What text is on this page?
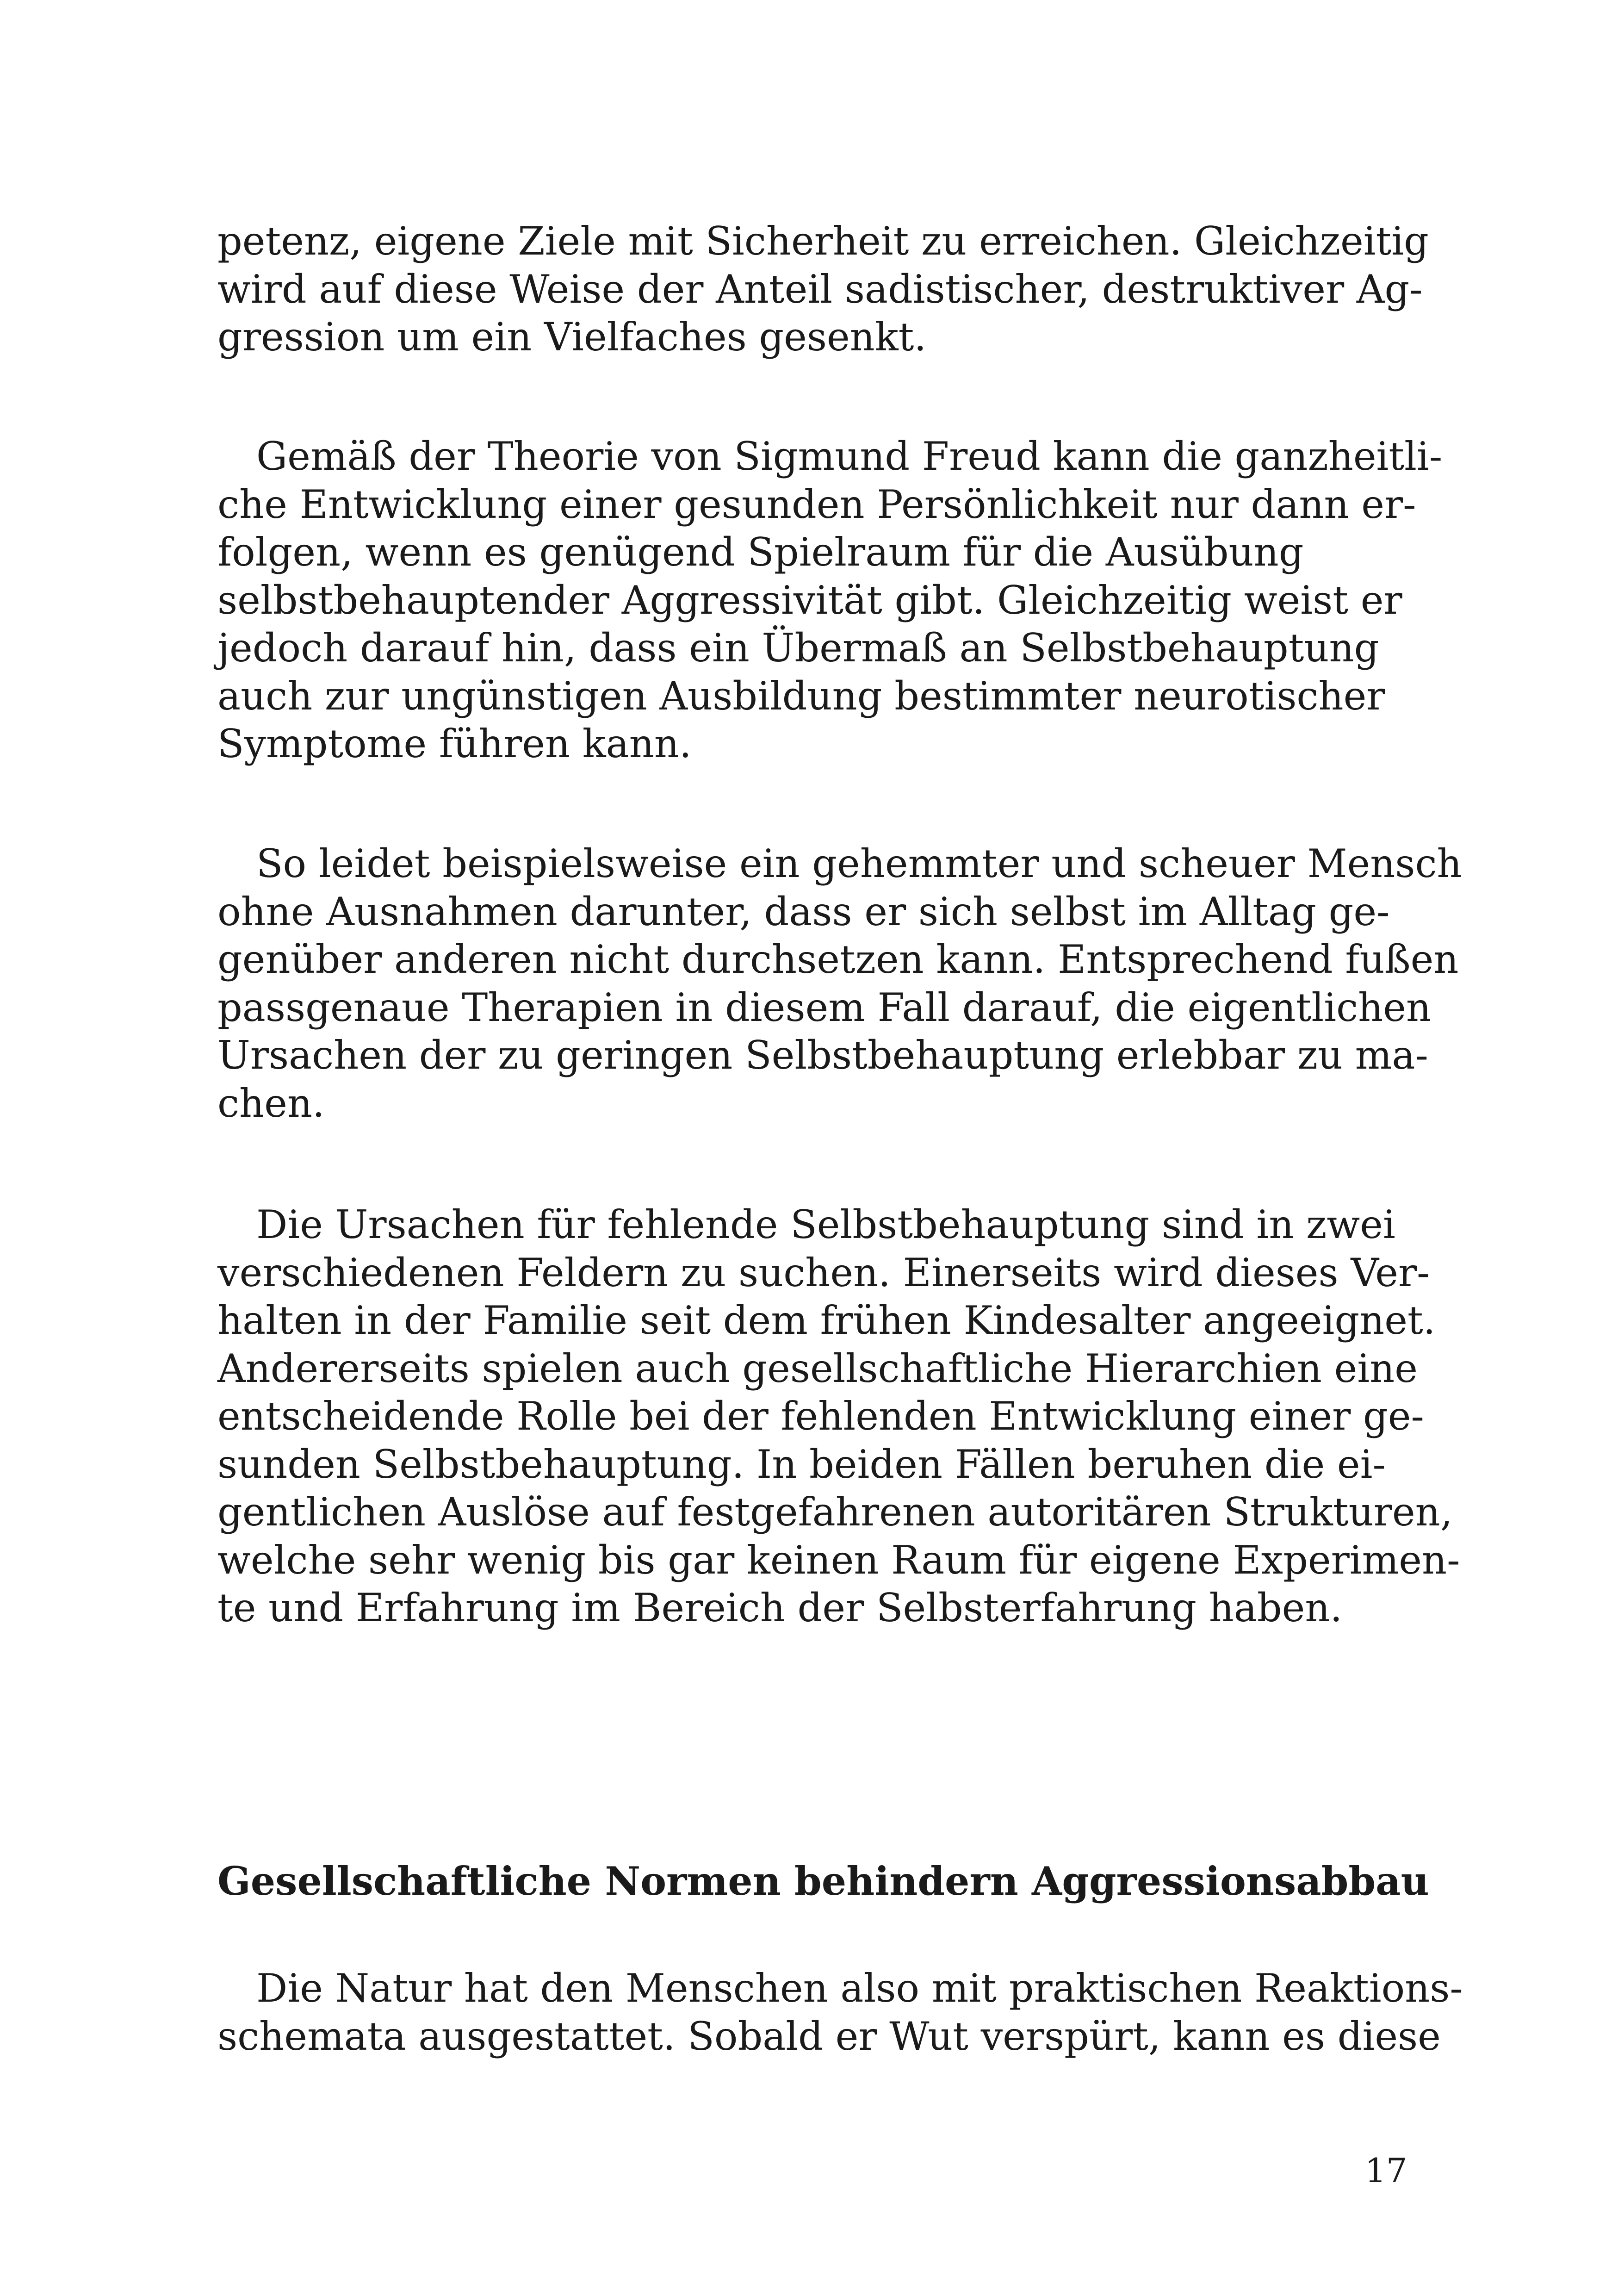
petenz, eigene Ziele mit Sicherheit zu erreichen. Gleichzeitig
wird auf diese Weise der Anteil sadistischer, destruktiver Ag-
gression um ein Vielfaches gesenkt.
 Gemäß der Theorie von Sigmund Freud kann die ganzheitli-
che Entwicklung einer gesunden Persönlichkeit nur dann er-
folgen, wenn es genügend Spielraum für die Ausübung
selbstbehauptender Aggressivität gibt. Gleichzeitig weist er
jedoch darauf hin, dass ein Übermaß an Selbstbehauptung
auch zur ungünstigen Ausbildung bestimmter neurotischer
Symptome führen kann.
 So leidet beispielsweise ein gehemmter und scheuer Mensch
ohne Ausnahmen darunter, dass er sich selbst im Alltag ge-
genüber anderen nicht durchsetzen kann. Entsprechend fußen
passgenaue Therapien in diesem Fall darauf, die eigentlichen
Ursachen der zu geringen Selbstbehauptung erlebbar zu ma-
chen.
 Die Ursachen für fehlende Selbstbehauptung sind in zwei
verschiedenen Feldern zu suchen. Einerseits wird dieses Ver-
halten in der Familie seit dem frühen Kindesalter angeeignet.
Andererseits spielen auch gesellschaftliche Hierarchien eine
entscheidende Rolle bei der fehlenden Entwicklung einer ge-
sunden Selbstbehauptung. In beiden Fällen beruhen die ei-
gentlichen Auslöse auf festgefahrenen autoritären Strukturen,
welche sehr wenig bis gar keinen Raum für eigene Experimen-
te und Erfahrung im Bereich der Selbsterfahrung haben.
Gesellschaftliche Normen behindern Aggressionsabbau
 Die Natur hat den Menschen also mit praktischen Reaktions-
schemata ausgestattet. Sobald er Wut verspürt, kann es diese
17
